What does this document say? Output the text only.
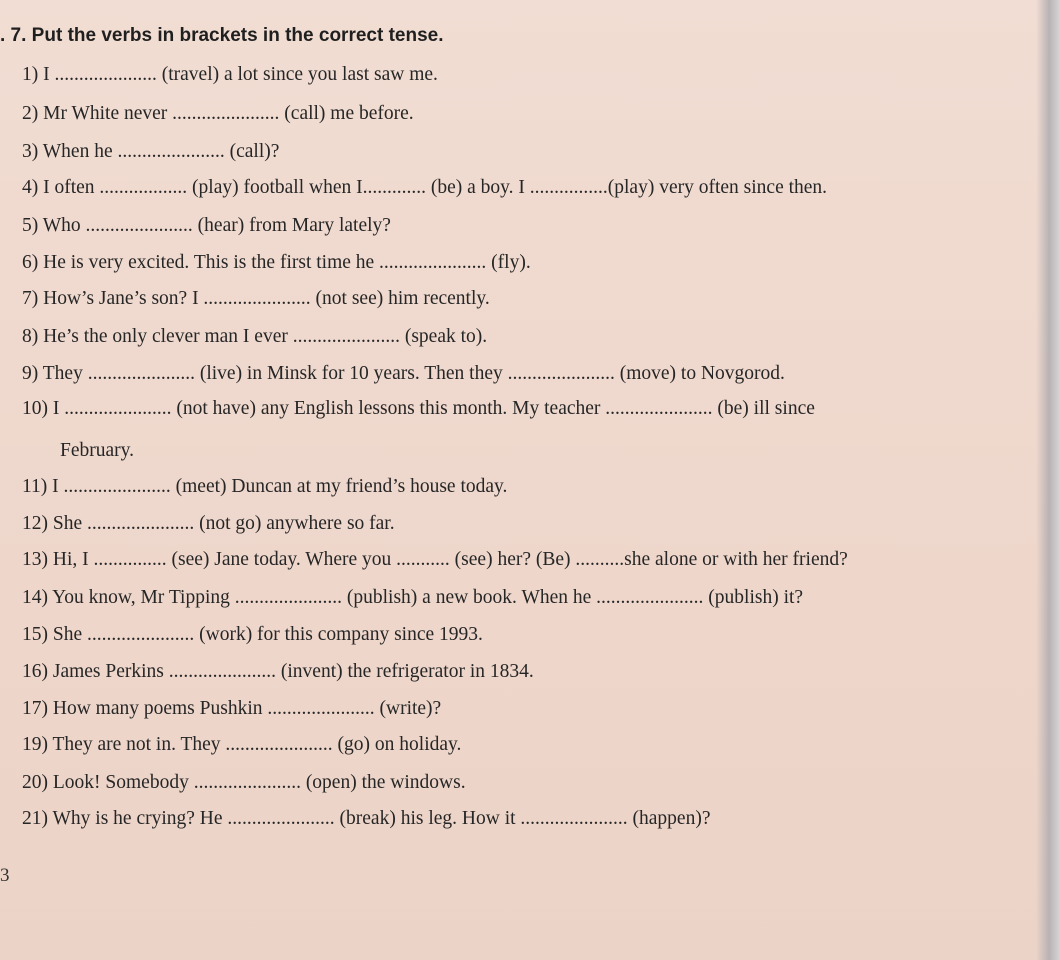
. 7. Put the verbs in brackets in the correct tense.
1) I ..................... (travel) a lot since you last saw me.
2) Mr White never ...................... (call) me before.
3) When he ...................... (call)?
4) I often .................. (play) football when I............. (be) a boy. I ................(play) very often since then.
5) Who ...................... (hear) from Mary lately?
6) He is very excited. This is the first time he ...................... (fly).
7) How’s Jane’s son? I ...................... (not see) him recently.
8) He’s the only clever man I ever ...................... (speak to).
9) They ...................... (live) in Minsk for 10 years. Then they ...................... (move) to Novgorod.
10) I ...................... (not have) any English lessons this month. My teacher ...................... (be) ill since
February.
11) I ...................... (meet) Duncan at my friend’s house today.
12) She ...................... (not go) anywhere so far.
13) Hi, I ............... (see) Jane today. Where you ........... (see) her? (Be) ..........she alone or with her friend?
14) You know, Mr Tipping ...................... (publish) a new book. When he ...................... (publish) it?
15) She ...................... (work) for this company since 1993.
16) James Perkins ...................... (invent) the refrigerator in 1834.
17) How many poems Pushkin ...................... (write)?
19) They are not in. They ...................... (go) on holiday.
20) Look! Somebody ...................... (open) the windows.
21) Why is he crying? He ...................... (break) his leg. How it ...................... (happen)?
3
